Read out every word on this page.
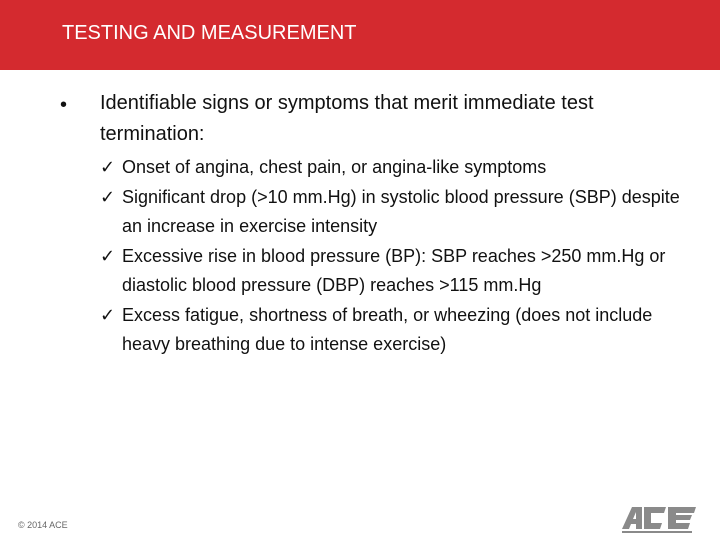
TESTING AND MEASUREMENT
• Identifiable signs or symptoms that merit immediate test termination:
✓ Onset of angina, chest pain, or angina-like symptoms
✓ Significant drop (>10 mm.Hg) in systolic blood pressure (SBP) despite an increase in exercise intensity
✓ Excessive rise in blood pressure (BP): SBP reaches >250 mm.Hg or diastolic blood pressure (DBP) reaches >115 mm.Hg
✓ Excess fatigue, shortness of breath, or wheezing (does not include heavy breathing due to intense exercise)
© 2014 ACE
